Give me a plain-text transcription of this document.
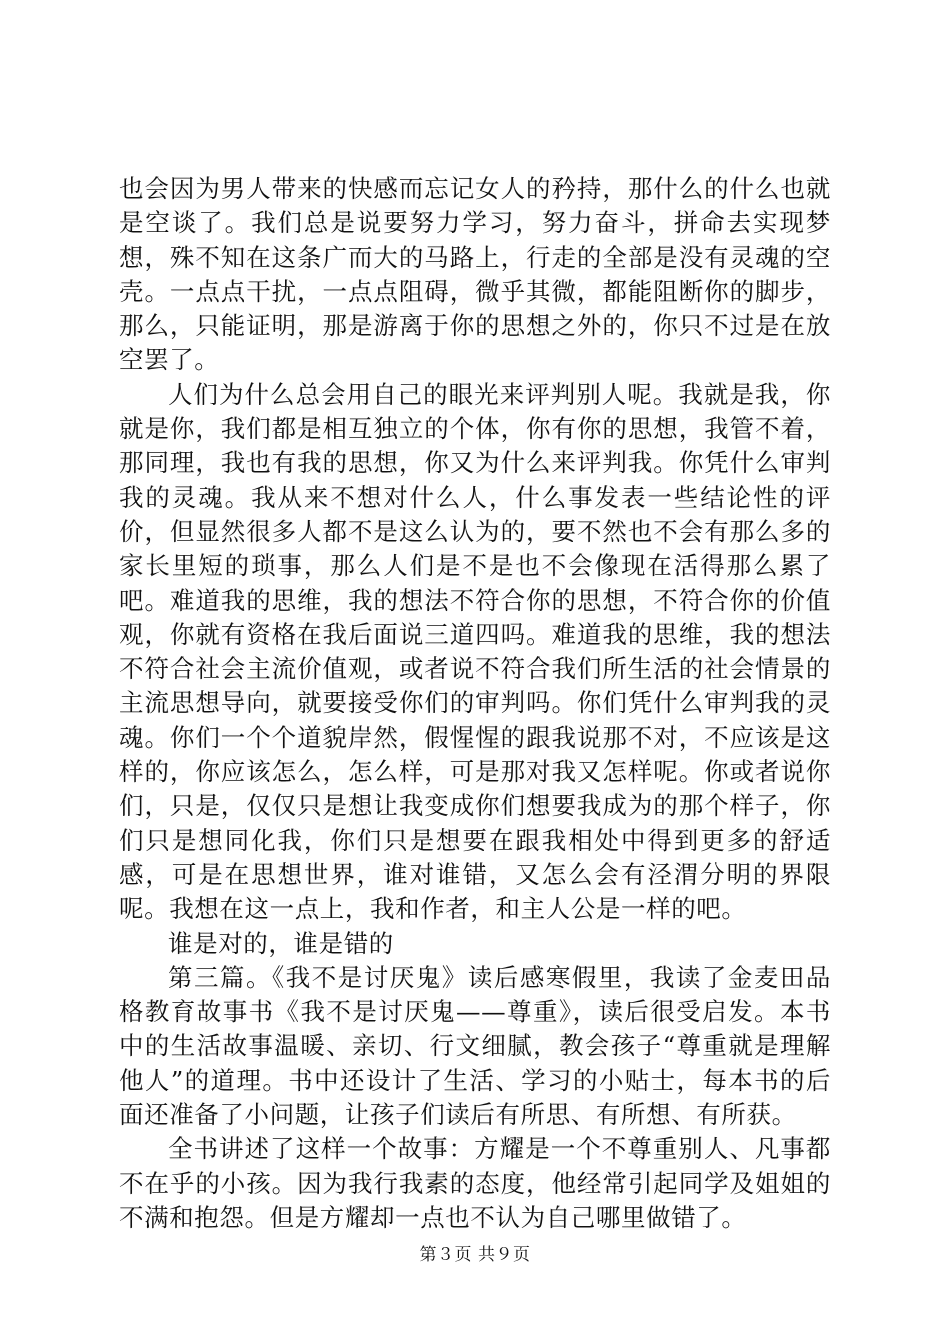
也会因为男人带来的快感而忘记女人的矜持，那什么的什么也就是空谈了。我们总是说要努力学习，努力奋斗，拼命去实现梦想，殊不知在这条广而大的马路上，行走的全部是没有灵魂的空壳。一点点干扰，一点点阻碍，微乎其微，都能阻断你的脚步，那么，只能证明，那是游离于你的思想之外的，你只不过是在放空罢了。

人们为什么总会用自己的眼光来评判别人呢。我就是我，你就是你，我们都是相互独立的个体，你有你的思想，我管不着，那同理，我也有我的思想，你又为什么来评判我。你凭什么审判我的灵魂。我从来不想对什么人，什么事发表一些结论性的评价，但显然很多人都不是这么认为的，要不然也不会有那么多的家长里短的琐事，那么人们是不是也不会像现在活得那么累了吧。难道我的思维，我的想法不符合你的思想，不符合你的价值观，你就有资格在我后面说三道四吗。难道我的思维，我的想法不符合社会主流价值观，或者说不符合我们所生活的社会情景的主流思想导向，就要接受你们的审判吗。你们凭什么审判我的灵魂。你们一个个道貌岸然，假惺惺的跟我说那不对，不应该是这样的，你应该怎么，怎么样，可是那对我又怎样呢。你或者说你们，只是，仅仅只是想让我变成你们想要我成为的那个样子，你们只是想同化我，你们只是想要在跟我相处中得到更多的舒适感，可是在思想世界，谁对谁错，又怎么会有泾渭分明的界限呢。我想在这一点上，我和作者，和主人公是一样的吧。

谁是对的，谁是错的

第三篇。《我不是讨厌鬼》读后感寒假里，我读了金麦田品格教育故事书《我不是讨厌鬼——尊重》，读后很受启发。本书中的生活故事温暖、亲切、行文细腻，教会孩子“尊重就是理解他人”的道理。书中还设计了生活、学习的小贴士，每本书的后面还准备了小问题，让孩子们读后有所思、有所想、有所获。

全书讲述了这样一个故事：方耀是一个不尊重别人、凡事都不在乎的小孩。因为我行我素的态度，他经常引起同学及姐姐的不满和抱怨。但是方耀却一点也不认为自己哪里做错了。

第３页 共９页
